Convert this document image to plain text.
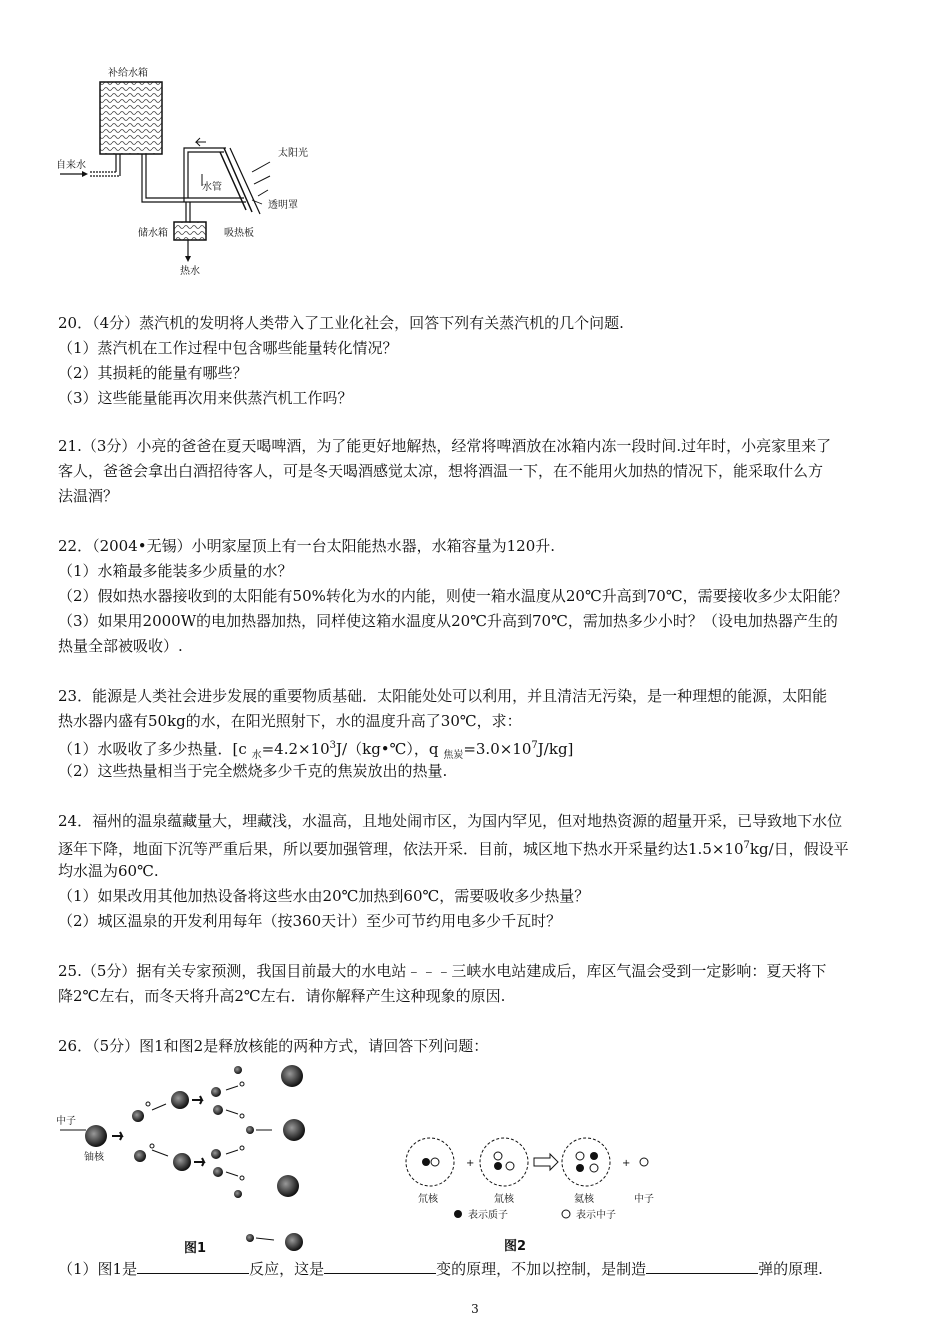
补给水箱
自来水
水管
太阳光
透明罩
储水箱	吸热板
热水
20．（4分）蒸汽机的发明将人类带入了工业化社会，回答下列有关蒸汽机的几个问题.
（1）蒸汽机在工作过程中包含哪些能量转化情况？
（2）其损耗的能量有哪些？
（3）这些能量能再次用来供蒸汽机工作吗？
21.（3分）小亮的爸爸在夏天喝啤酒，为了能更好地解热，经常将啤酒放在冰箱内冻一段时间.过年时，小亮家里来了
客人，爸爸会拿出白酒招待客人，可是冬天喝酒感觉太凉，想将酒温一下，在不能用火加热的情况下，能采取什么方
法温酒？
22．（2004•无锡）小明家屋顶上有一台太阳能热水器，水箱容量为120升.
（1）水箱最多能装多少质量的水？
（2）假如热水器接收到的太阳能有50%转化为水的内能，则使一箱水温度从20℃升高到70℃，需要接收多少太阳能？
（3）如果用2000W的电加热器加热，同样使这箱水温度从20℃升高到70℃，需加热多少小时？（设电加热器产生的
热量全部被吸收）.
23．能源是人类社会进步发展的重要物质基础．太阳能处处可以利用，并且清洁无污染，是一种理想的能源，太阳能
热水器内盛有50kg的水，在阳光照射下，水的温度升高了30℃，求：
（1）水吸收了多少热量．[c $_水=4.2\times 10^3J/(kg•℃)$，q $_{焦炭}=3.0\times 10^7J/kg$]
（2）这些热量相当于完全燃烧多少千克的焦炭放出的热量.
24．福州的温泉蕴藏量大，埋藏浅，水温高，且地处闹市区，为国内罕见，但对地热资源的超量开采，已导致地下水位
逐年下降，地面下沉等严重后果，所以要加强管理，依法开采．目前，城区地下热水开采量约达$1.5\times 10^7kg/$日，假设平
均水温为60℃.
（1）如果改用其他加热设备将这些水由20℃加热到60℃，需要吸收多少热量？
（2）城区温泉的开发利用每年（按360天计）至少可节约用电多少千瓦时？
25.（5分）据有关专家预测，我国目前最大的水电站﹣﹣﹣三峡水电站建成后，库区气温会受到一定影响：夏天将下
降2℃左右，而冬天将升高2℃左右．请你解释产生这种现象的原因.
26．（5分）图1和图2是释放核能的两种方式，请回答下列问题：
中子
铀核
图1
+	+
氘核	氚核	氦核	中子
表示质子	表示中子
图2
（1）图1是	反应，这是	变的原理，不加以控制，是制造	弹的原理.
3
